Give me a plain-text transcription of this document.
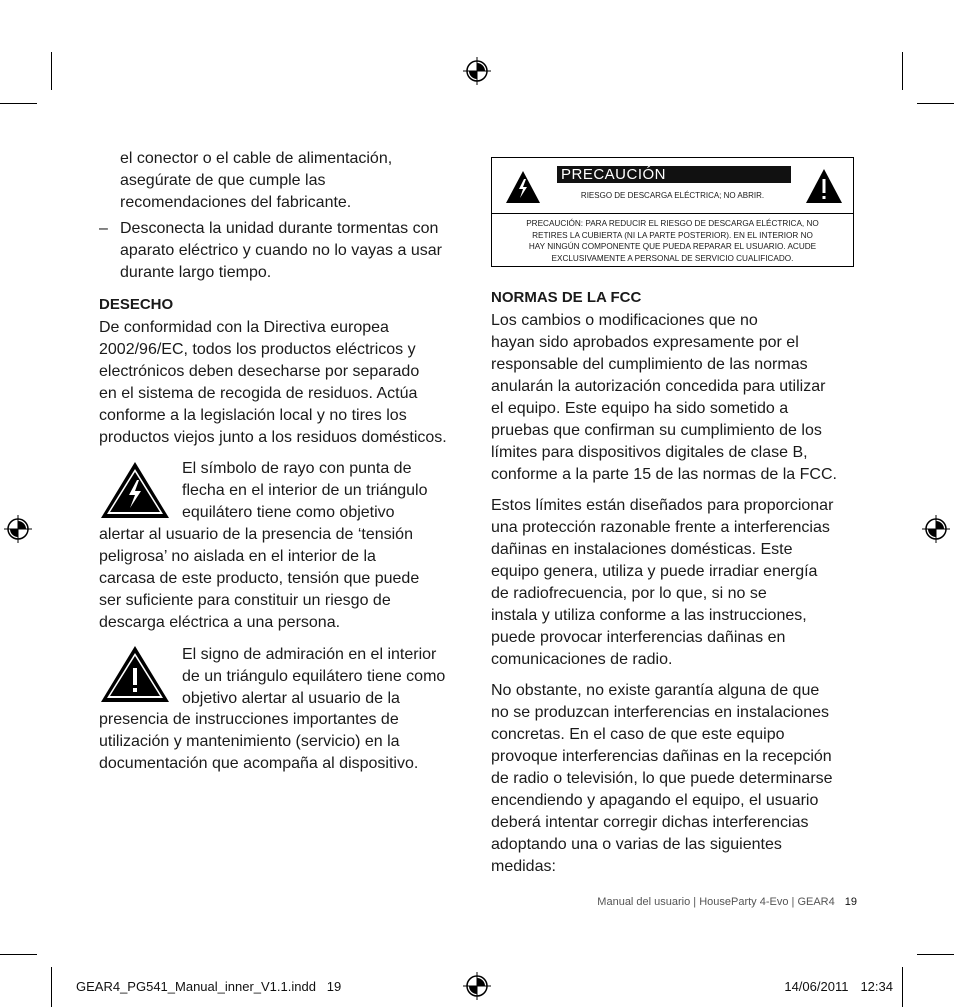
el conector o el cable de alimentación,

asegúrate de que cumple las

recomendaciones del fabricante.

– Desconecta la unidad durante tormentas con

aparato eléctrico y cuando no lo vayas a usar

durante largo tiempo.

DESECHO

De conformidad con la Directiva europea

2002/96/EC, todos los productos eléctricos y

electrónicos deben desecharse por separado

en el sistema de recogida de residuos. Actúa

conforme a la legislación local y no tires los

productos viejos junto a los residuos domésticos.

El símbolo de rayo con punta de

flecha en el interior de un triángulo

equilátero tiene como objetivo

alertar al usuario de la presencia de ‘tensión

peligrosa’ no aislada en el interior de la

carcasa de este producto, tensión que puede

ser suficiente para constituir un riesgo de

descarga eléctrica a una persona.

El signo de admiración en el interior

de un triángulo equilátero tiene como

objetivo alertar al usuario de la

presencia de instrucciones importantes de

utilización y mantenimiento (servicio) en la

documentación que acompaña al dispositivo.

PRECAUCIÓN
RIESGO DE DESCARGA ELÉCTRICA; NO ABRIR.

PRECAUCIÓN: PARA REDUCIR EL RIESGO DE DESCARGA ELÉCTRICA, NO

RETIRES LA CUBIERTA (NI LA PARTE POSTERIOR). EN EL INTERIOR NO

HAY NINGÚN COMPONENTE QUE PUEDA REPARAR EL USUARIO. ACUDE

EXCLUSIVAMENTE A PERSONAL DE SERVICIO CUALIFICADO.

NORMAS DE LA FCC

Los cambios o modificaciones que no

hayan sido aprobados expresamente por el

responsable del cumplimiento de las normas

anularán la autorización concedida para utilizar

el equipo. Este equipo ha sido sometido a

pruebas que confirman su cumplimiento de los

límites para dispositivos digitales de clase B,

conforme a la parte 15 de las normas de la FCC.

Estos límites están diseñados para proporcionar

una protección razonable frente a interferencias

dañinas en instalaciones domésticas. Este

equipo genera, utiliza y puede irradiar energía

de radiofrecuencia, por lo que, si no se

instala y utiliza conforme a las instrucciones,

puede provocar interferencias dañinas en

comunicaciones de radio.

No obstante, no existe garantía alguna de que

no se produzcan interferencias en instalaciones

concretas. En el caso de que este equipo

provoque interferencias dañinas en la recepción

de radio o televisión, lo que puede determinarse

encendiendo y apagando el equipo, el usuario

deberá intentar corregir dichas interferencias

adoptando una o varias de las siguientes

medidas:

Manual del usuario | HouseParty 4-Evo | GEAR4 19
GEAR4_PG541_Manual_inner_V1.1.indd   19	14/06/2011 12:34
